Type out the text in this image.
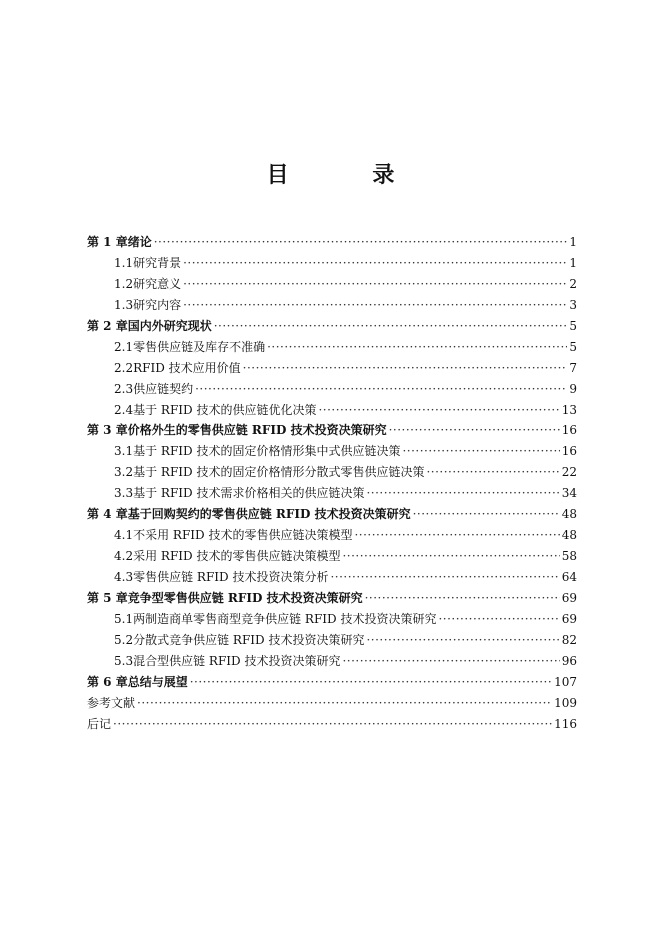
目 录
第 1 章 绪论 ·····	1
1.1 研究背景 ·····	1
1.2 研究意义 ·····	2
1.3 研究内容 ·····	3
第 2 章 国内外研究现状 ·····	5
2.1 零售供应链及库存不准确 ·····	5
2.2 RFID 技术应用价值 ·····	7
2.3 供应链契约 ·····	9
2.4 基于 RFID 技术的供应链优化决策 ·····	13
第 3 章 价格外生的零售供应链 RFID 技术投资决策研究 ·····	16
3.1 基于 RFID 技术的固定价格情形集中式供应链决策 ·····	16
3.2 基于 RFID 技术的固定价格情形分散式零售供应链决策 ·····	22
3.3 基于 RFID 技术需求价格相关的供应链决策 ·····	34
第 4 章 基于回购契约的零售供应链 RFID 技术投资决策研究 ·····	48
4.1 不采用 RFID 技术的零售供应链决策模型 ·····	48
4.2 采用 RFID 技术的零售供应链决策模型 ·····	58
4.3 零售供应链 RFID 技术投资决策分析 ·····	64
第 5 章 竞争型零售供应链 RFID 技术投资决策研究 ·····	69
5.1 两制造商单零售商型竞争供应链 RFID 技术投资决策研究 ·····	69
5.2 分散式竞争供应链 RFID 技术投资决策研究 ·····	82
5.3 混合型供应链 RFID 技术投资决策研究 ·····	96
第 6 章 总结与展望 ·····	107
参考文献 ·····	109
后记 ·····	116
